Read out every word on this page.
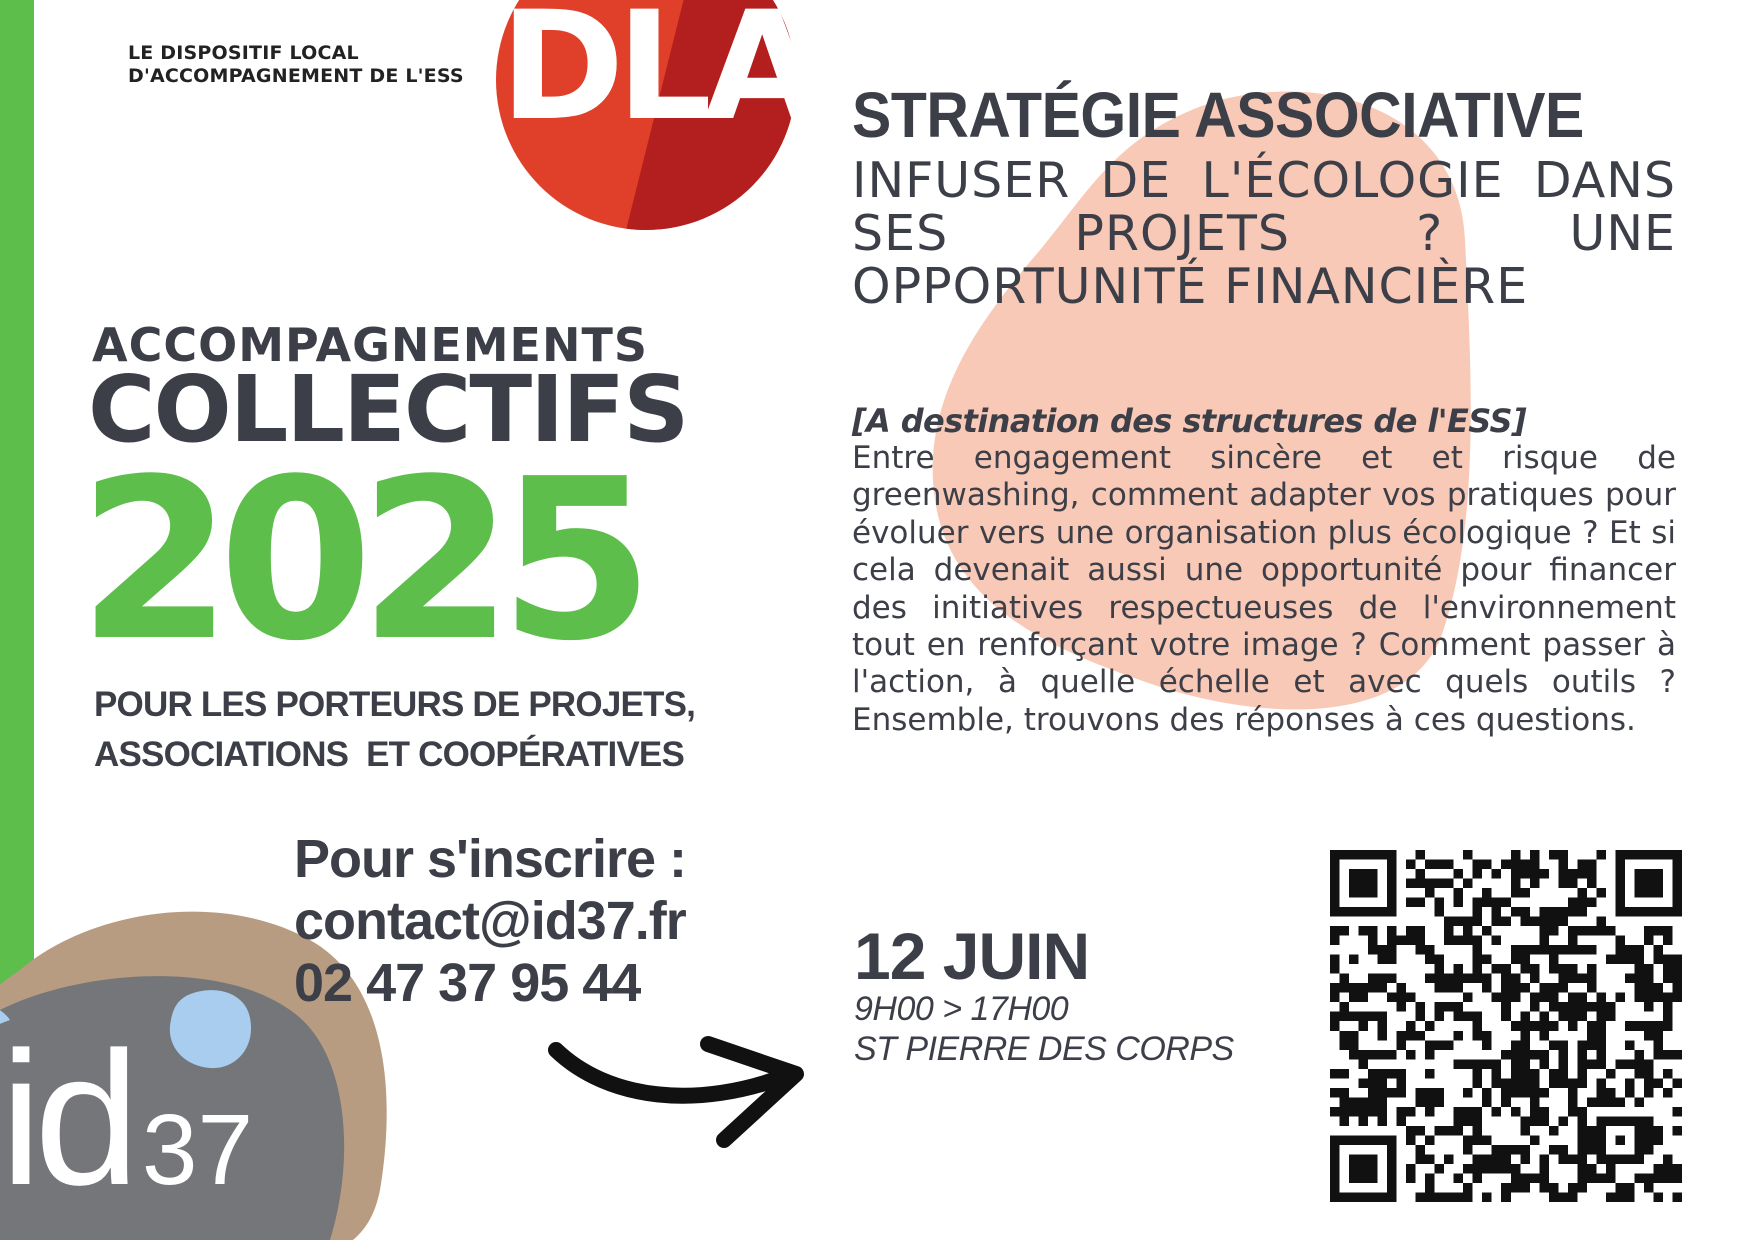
DLA
LE DISPOSITIF LOCAL
D'ACCOMPAGNEMENT DE L'ESS
ACCOMPAGNEMENTS
COLLECTIFS
2025
POUR LES PORTEURS DE PROJETS,
ASSOCIATIONS  ET COOPÉRATIVES
id 37
Pour s'inscrire :
contact@id37.fr
02 47 37 95 44
STRATÉGIE ASSOCIATIVE
INFUSER DE L'ÉCOLOGIE DANS SES PROJETS ? UNE OPPORTUNITÉ FINANCIÈRE
[A destination des structures de l'ESS]
Entre engagement sincère et et risque de greenwashing, comment adapter vos pratiques pour évoluer vers une organisation plus écologique ? Et si cela devenait aussi une opportunité pour financer des initiatives respectueuses de l'environnement tout en renforçant votre image ? Comment passer à l'action, à quelle échelle et avec quels outils ? Ensemble, trouvons des réponses à ces questions.
12 JUIN
9H00 > 17H00
ST PIERRE DES CORPS
